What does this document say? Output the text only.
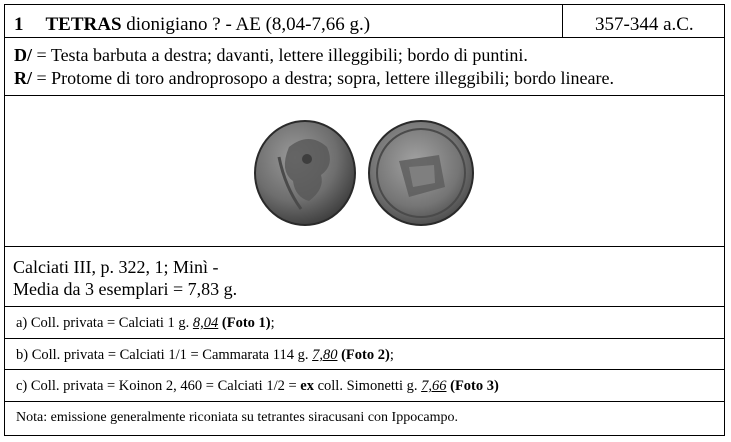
1 TETRAS dionigiano ? - AE (8,04-7,66 g.)	357-344 a.C.
D/ = Testa barbuta a destra; davanti, lettere illeggibili; bordo di puntini.
R/ = Protome di toro androprosopo a destra; sopra, lettere illeggibili; bordo lineare.
Calciati III, p. 322, 1; Minì -
Media da 3 esemplari = 7,83 g.
a) Coll. privata = Calciati 1 g. 8,04 (Foto 1);
b) Coll. privata = Calciati 1/1 = Cammarata 114 g. 7,80 (Foto 2);
c) Coll. privata = Koinon 2, 460 = Calciati 1/2 = ex coll. Simonetti g. 7,66 (Foto 3)
Nota: emissione generalmente riconiata su tetrantes siracusani con Ippocampo.
